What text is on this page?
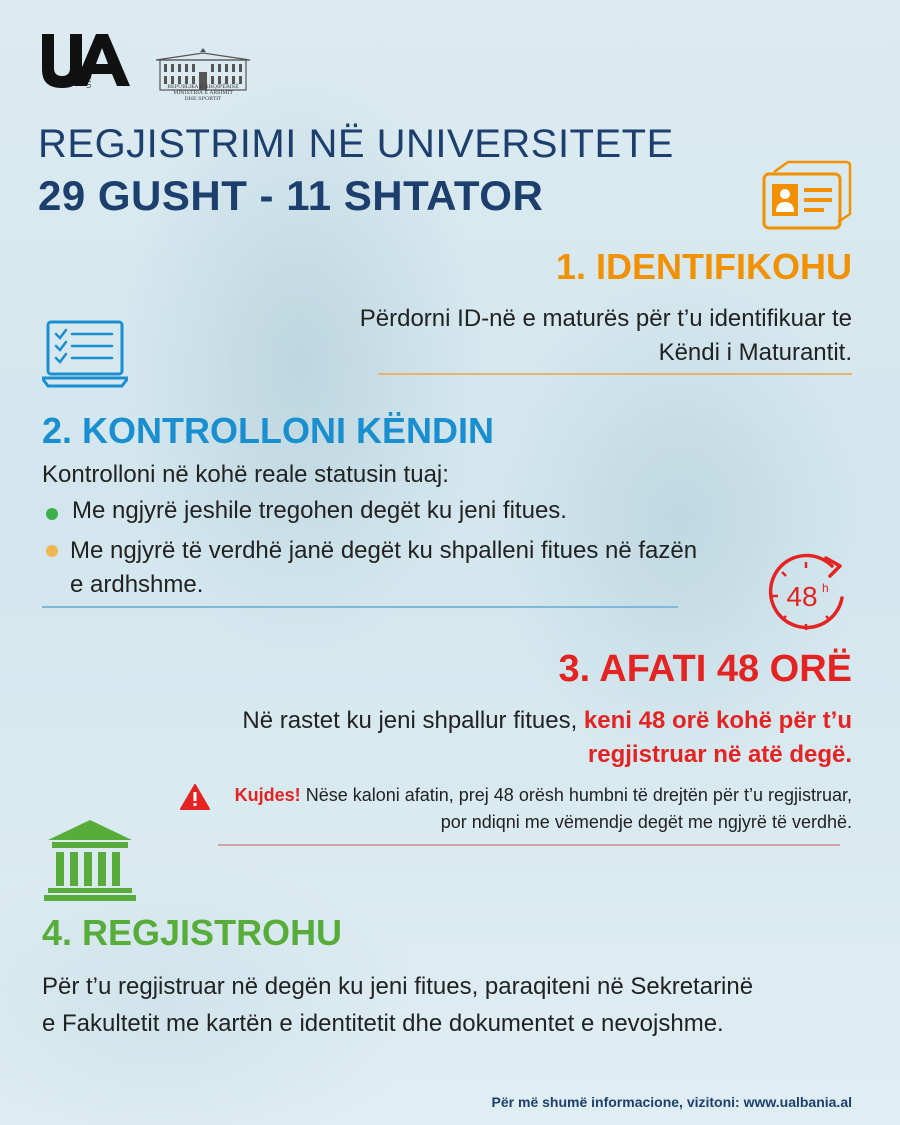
U ALBANIA	REPUBLIKA E SHQIPËRISË
MINISTRIA E ARSIMIT
DHE SPORTIT
REGJISTRIMI NË UNIVERSITETE
29 GUSHT - 11 SHTATOR
1. IDENTIFIKOHU
Përdorni ID-në e maturës për t’u identifikuar te Këndi i Maturantit.
2. KONTROLLONI KËNDIN
Kontrolloni në kohë reale statusin tuaj:
Me ngjyrë jeshile tregohen degët ku jeni fitues.
Me ngjyrë të verdhë janë degët ku shpalleni fitues në fazën e ardhshme.	48 h
3. AFATI 48 ORË
Në rastet ku jeni shpallur fitues, keni 48 orë kohë për t’u regjistruar në atë degë.
Kujdes! Nëse kaloni afatin, prej 48 orësh humbni të drejtën për t’u regjistruar, por ndiqni me vëmendje degët me ngjyrë të verdhë.
4. REGJISTROHU
Për t’u regjistruar në degën ku jeni fitues, paraqiteni në Sekretarinë e Fakultetit me kartën e identitetit dhe dokumentet e nevojshme.
Për më shumë informacione, vizitoni: www.ualbania.al
